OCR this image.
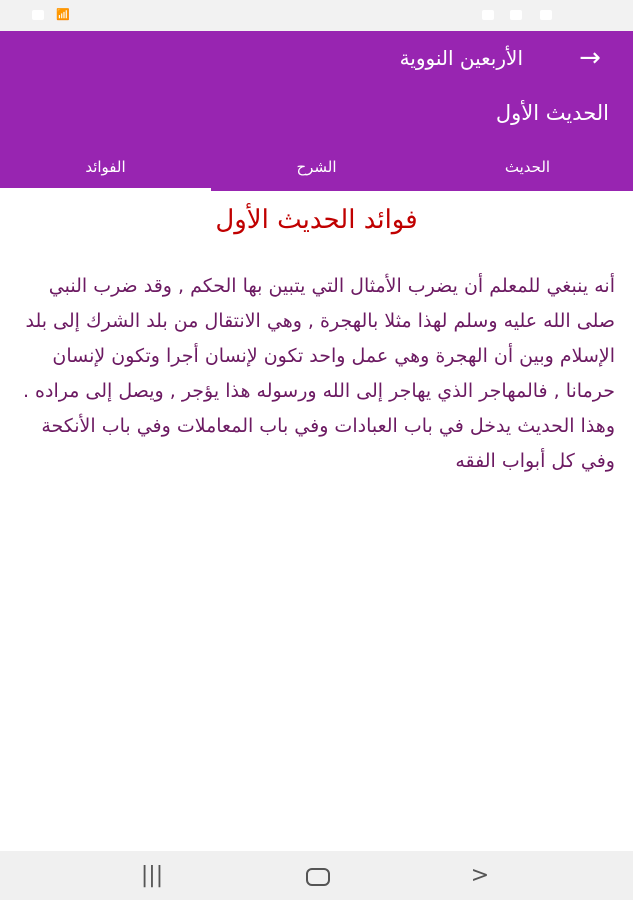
📶
→
الأربعين النووية
الحديث الأول
الحديث
الشرح
الفوائد
فوائد الحديث الأول
أنه ينبغي للمعلم أن يضرب الأمثال التي يتبين بها الحكم , وقد ضرب النبي صلى الله عليه وسلم لهذا مثلا بالهجرة , وهي الانتقال من بلد الشرك إلى بلد الإسلام وبين أن الهجرة وهي عمل واحد تكون لإنسان أجرا وتكون لإنسان حرمانا , فالمهاجر الذي يهاجر إلى الله ورسوله هذا يؤجر , ويصل إلى مراده . وهذا الحديث يدخل في باب العبادات وفي باب المعاملات وفي باب الأنكحة وفي كل أبواب الفقه
|||	>
